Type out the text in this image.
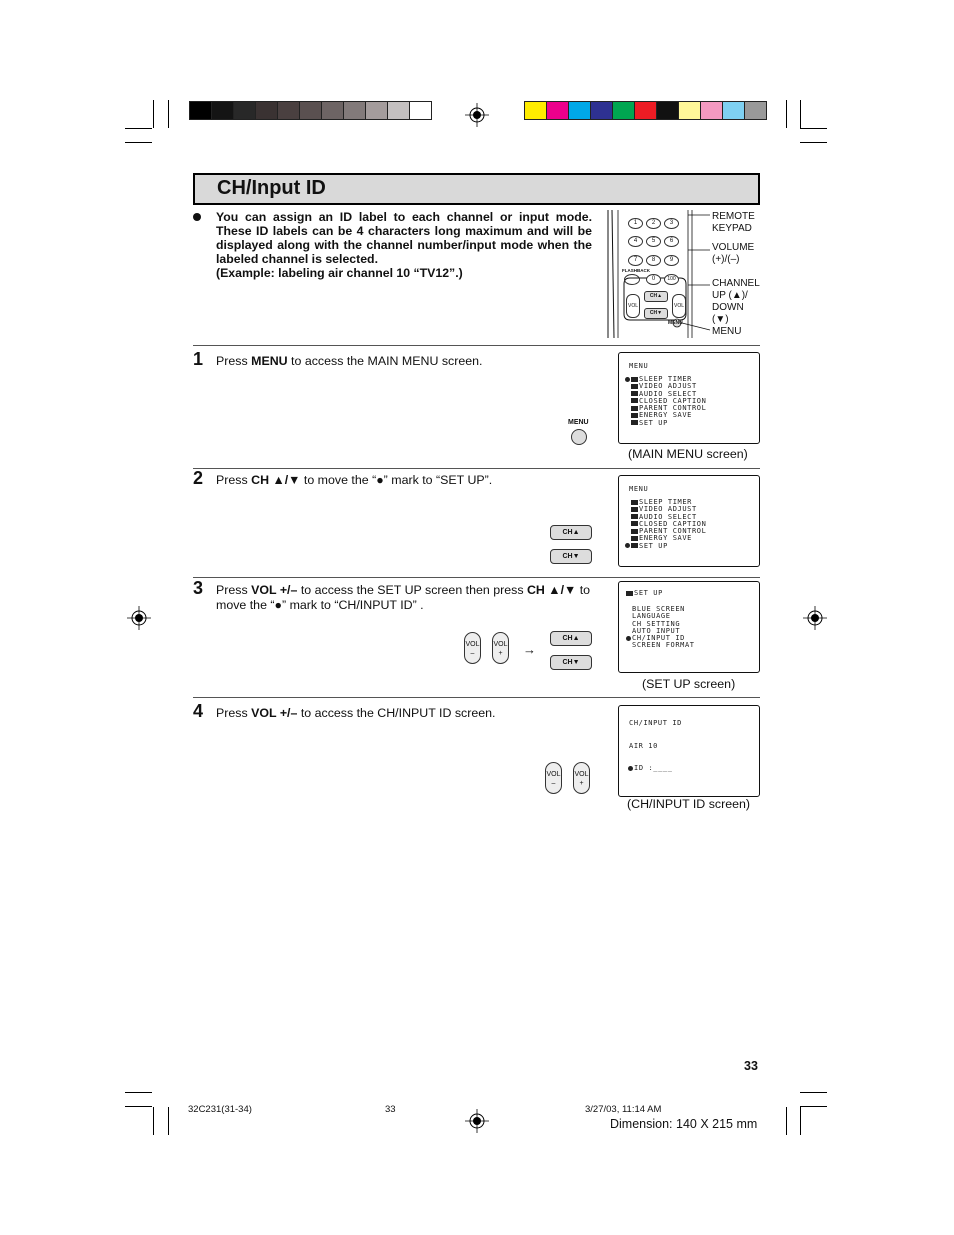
CH/Input ID
You can assign an ID label to each channel or input mode. These ID labels can be 4 characters long maximum and will be displayed along with the channel number/input mode when the labeled channel is selected.
(Example: labeling air channel 10 “TV12”.)
1	2	3
4	5	6
7	8	9
0	100
FLASHBACK
VOL	VOL
CH▲
CH▼
MENU
REMOTE KEYPAD
VOLUME (+)/(–)
CHANNEL UP (▲)/ DOWN (▼)
MENU
1 Press MENU to access the MAIN MENU screen.
MENU
MENU
SLEEP TIMER
VIDEO ADJUST
AUDIO SELECT
CLOSED CAPTION
PARENT CONTROL
ENERGY SAVE
SET UP
(MAIN MENU screen)
2 Press CH ▲/▼ to move the “●” mark to “SET UP”.
CH▲
CH▼
MENU
SLEEP TIMER
VIDEO ADJUST
AUDIO SELECT
CLOSED CAPTION
PARENT CONTROL
ENERGY SAVE
SET UP
3 Press VOL +/– to access the SET UP screen then press CH ▲/▼ to move the “●” mark to “CH/INPUT ID” .
VOL –
VOL +	→
CH▲
CH▼
SET UP
BLUE SCREEN
LANGUAGE
CH SETTING
AUTO INPUT
CH/INPUT ID
SCREEN FORMAT
(SET UP screen)
4 Press VOL +/– to access the CH/INPUT ID screen.
VOL –
VOL +
CH/INPUT ID
AIR 10
ID :____
(CH/INPUT ID screen)
33
32C231(31-34)	33	3/27/03, 11:14 AM
Dimension: 140 X 215 mm
